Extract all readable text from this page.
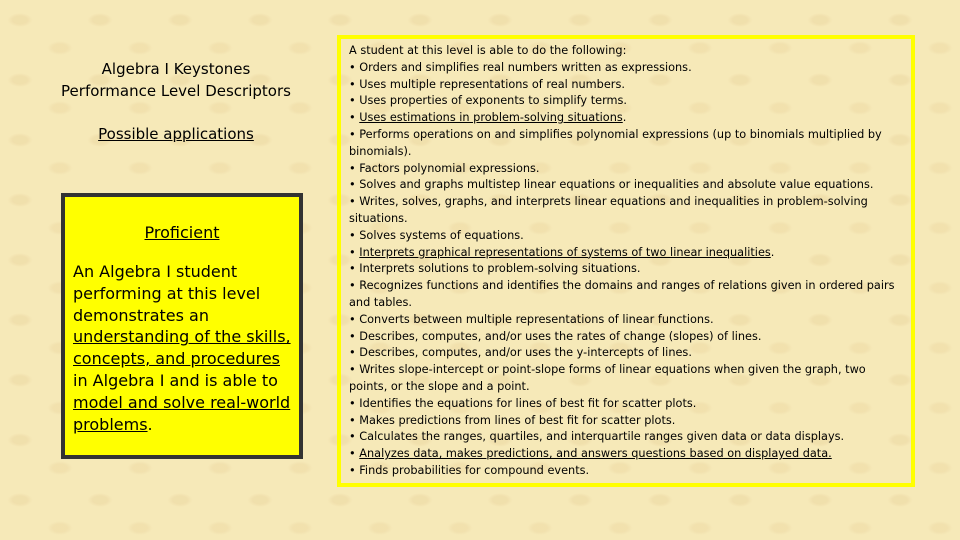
Algebra I Keystones
Performance Level Descriptors
Possible applications
Proficient
An Algebra I student performing at this level demonstrates an understanding of the skills, concepts, and procedures in Algebra I and is able to model and solve real-world problems.
A student at this level is able to do the following:
• Orders and simplifies real numbers written as expressions.
• Uses multiple representations of real numbers.
• Uses properties of exponents to simplify terms.
• Uses estimations in problem-solving situations.
• Performs operations on and simplifies polynomial expressions (up to binomials multiplied by binomials).
• Factors polynomial expressions.
• Solves and graphs multistep linear equations or inequalities and absolute value equations.
• Writes, solves, graphs, and interprets linear equations and inequalities in problem-solving situations.
• Solves systems of equations.
• Interprets graphical representations of systems of two linear inequalities.
• Interprets solutions to problem-solving situations.
• Recognizes functions and identifies the domains and ranges of relations given in ordered pairs and tables.
• Converts between multiple representations of linear functions.
• Describes, computes, and/or uses the rates of change (slopes) of lines.
• Describes, computes, and/or uses the y-intercepts of lines.
• Writes slope-intercept or point-slope forms of linear equations when given the graph, two points, or the slope and a point.
• Identifies the equations for lines of best fit for scatter plots.
• Makes predictions from lines of best fit for scatter plots.
• Calculates the ranges, quartiles, and interquartile ranges given data or data displays.
• Analyzes data, makes predictions, and answers questions based on displayed data.
• Finds probabilities for compound events.
